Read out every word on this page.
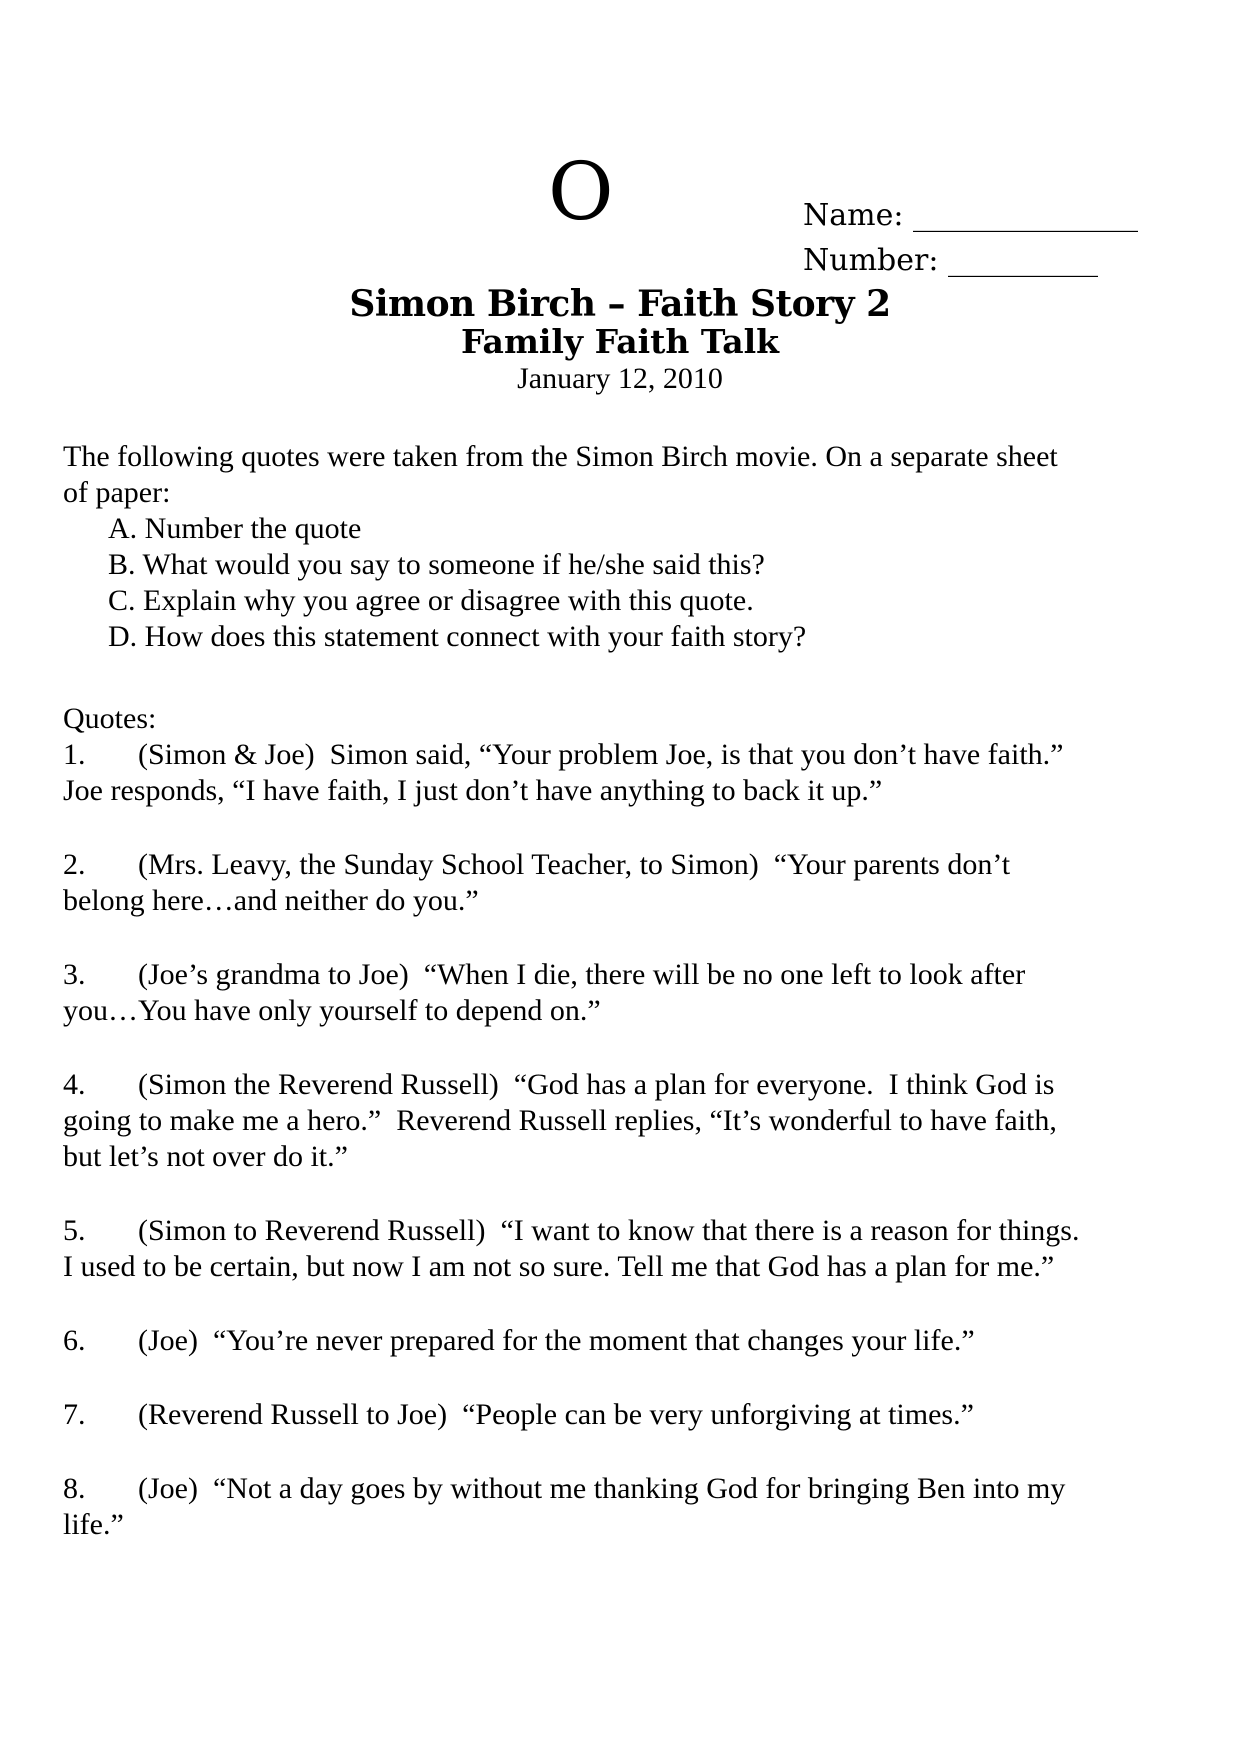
O	Name: _______________
Number: __________
Simon Birch – Faith Story 2
Family Faith Talk
January 12, 2010
The following quotes were taken from the Simon Birch movie. On a separate sheet
of paper:
A. Number the quote
B. What would you say to someone if he/she said this?
C. Explain why you agree or disagree with this quote.
D. How does this statement connect with your faith story?
Quotes:
1. (Simon & Joe)  Simon said, “Your problem Joe, is that you don’t have faith.”
Joe responds, “I have faith, I just don’t have anything to back it up.”
2. (Mrs. Leavy, the Sunday School Teacher, to Simon)  “Your parents don’t
belong here…and neither do you.”
3. (Joe’s grandma to Joe)  “When I die, there will be no one left to look after
you…You have only yourself to depend on.”
4. (Simon the Reverend Russell)  “God has a plan for everyone.  I think God is
going to make me a hero.”  Reverend Russell replies, “It’s wonderful to have faith,
but let’s not over do it.”
5. (Simon to Reverend Russell)  “I want to know that there is a reason for things.
I used to be certain, but now I am not so sure. Tell me that God has a plan for me.”
6. (Joe)  “You’re never prepared for the moment that changes your life.”
7. (Reverend Russell to Joe)  “People can be very unforgiving at times.”
8. (Joe)  “Not a day goes by without me thanking God for bringing Ben into my
life.”
